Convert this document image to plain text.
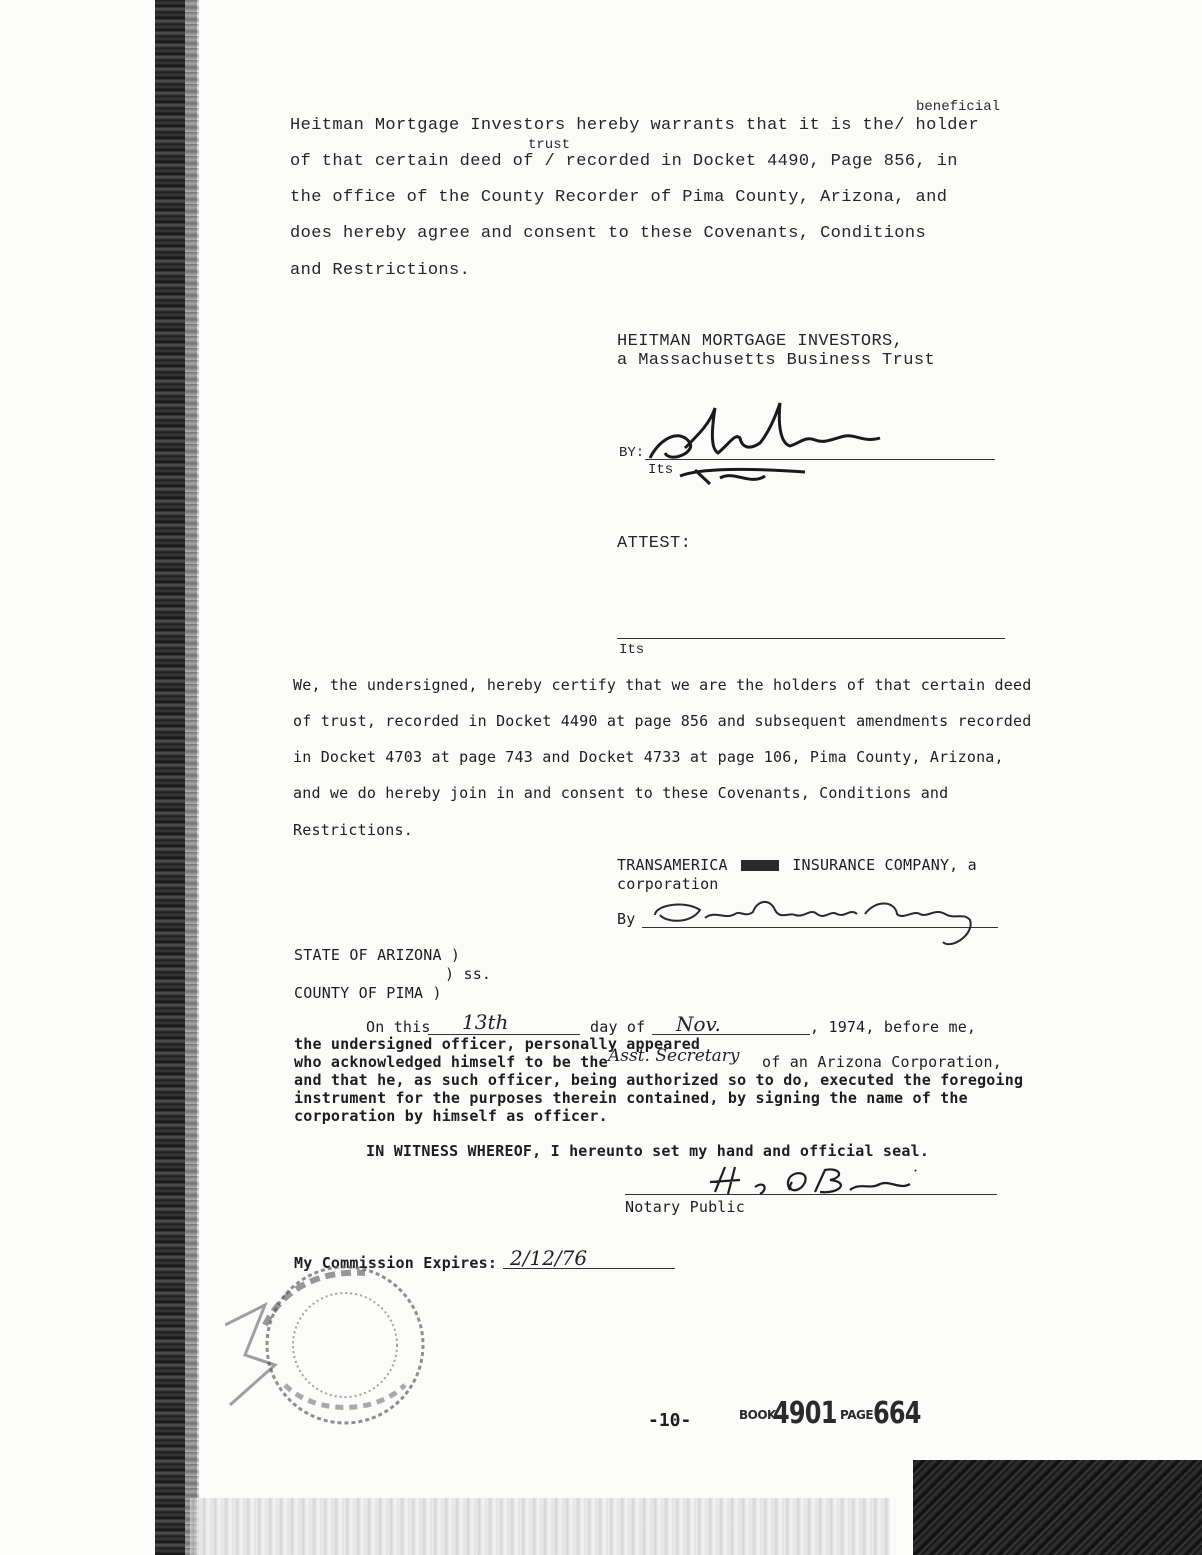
beneficial
Heitman Mortgage Investors hereby warrants that it is the/ holder
trust
of that certain deed of / recorded in Docket 4490, Page 856, in
the office of the County Recorder of Pima County, Arizona, and
does hereby agree and consent to these Covenants, Conditions
and Restrictions.
HEITMAN MORTGAGE INVESTORS,
a Massachusetts Business Trust
BY:
Its
ATTEST:
Its
We, the undersigned, hereby certify that we are the holders of that certain deed
of trust, recorded in Docket 4490 at page 856 and subsequent amendments recorded
in Docket 4703 at page 743 and Docket 4733 at page 106, Pima County, Arizona,
and we do hereby join in and consent to these Covenants, Conditions and
Restrictions.
TRANSAMERICA	INSURANCE COMPANY, a
corporation
By
STATE OF ARIZONA )
) ss.
COUNTY OF PIMA )
On this 13th	day of Nov.	, 1974, before me,
the undersigned officer, personally appeared
who acknowledged himself to be the Asst. Secretary of an Arizona Corporation,
and that he, as such officer, being authorized so to do, executed the foregoing
instrument for the purposes therein contained, by signing the name of the
corporation by himself as officer.
IN WITNESS WHEREOF, I hereunto set my hand and official seal.
Notary Public
My Commission Expires: 2/12/76
-10-	BOOK
4901 PAGE 664
